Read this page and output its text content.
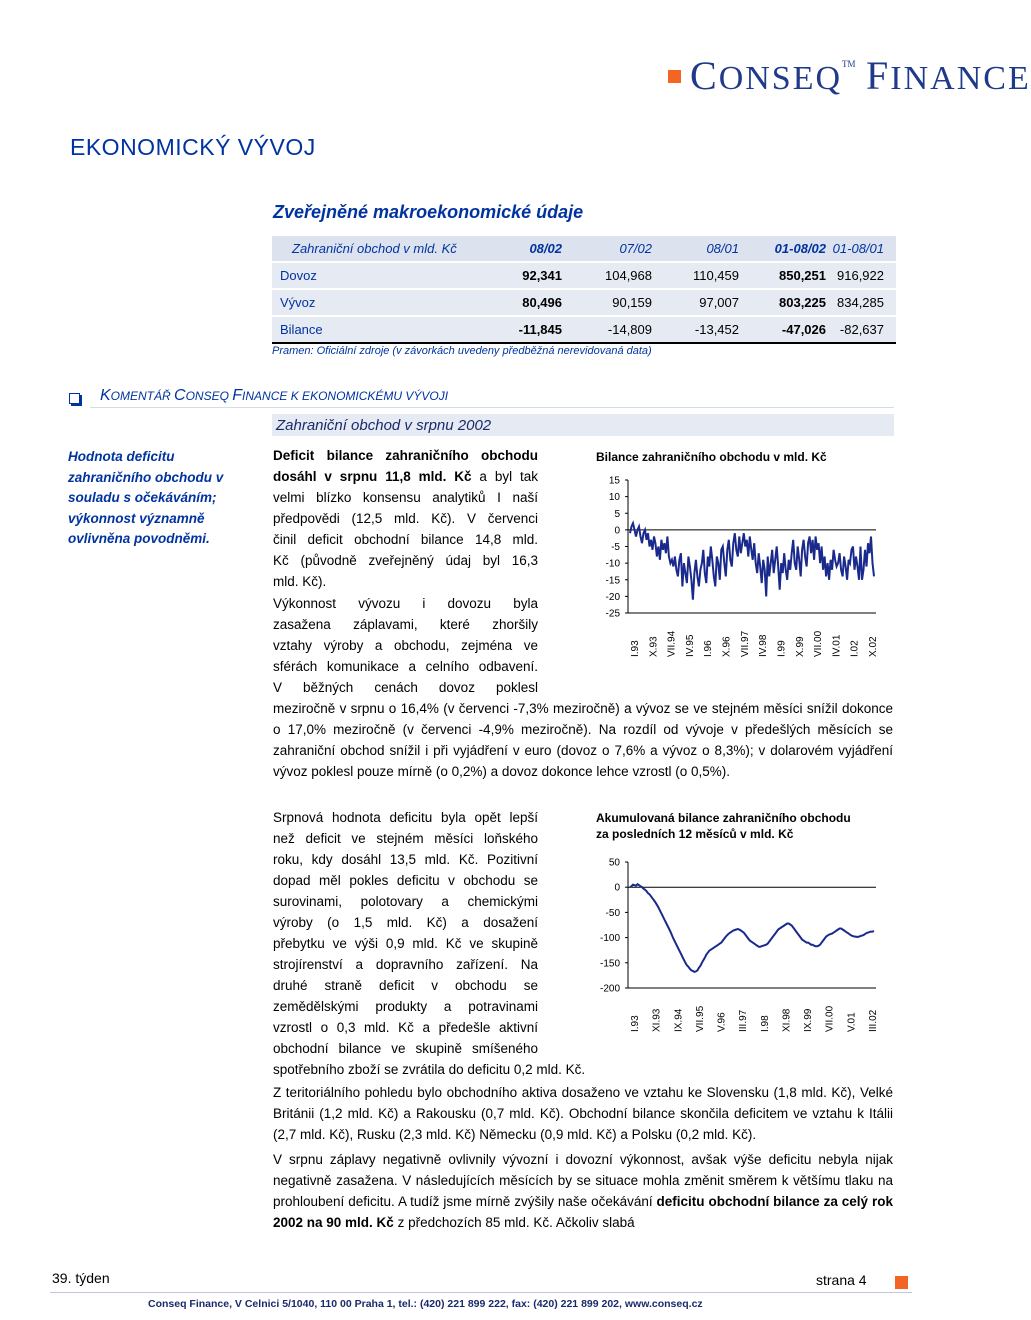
CONSEQ™ FINANCE
EKONOMICKÝ VÝVOJ
Zveřejněné makroekonomické údaje
Zahraniční obchod v mld. Kč	08/02	07/02	08/01	01-08/02	01-08/01
Dovoz	92,341	104,968	110,459	850,251	916,922
Vývoz	80,496	90,159	97,007	803,225	834,285
Bilance	-11,845	-14,809	-13,452	-47,026	-82,637
Pramen: Oficiální zdroje (v závorkách uvedeny předběžná nerevidovaná data)
KOMENTÁŘ CONSEQ FINANCE K EKONOMICKÉMU VÝVOJI
Zahraniční obchod v srpnu 2002
Hodnota deficitu zahraničního obchodu v souladu s očekáváním; výkonnost významně ovlivněna povodněmi.
Deficit bilance zahraničního obchodu
dosáhl v srpnu 11,8 mld. Kč a byl tak
velmi blízko konsensu analytiků I naší
předpovědi (12,5 mld. Kč). V červenci
činil deficit obchodní bilance 14,8 mld.
Kč (původně zveřejněný údaj byl 16,3
mld. Kč).
Výkonnost vývozu i dovozu byla
zasažena záplavami, které zhoršily
vztahy výroby a obchodu, zejména ve
sférách komunikace a celního odbavení.
V běžných cenách dovoz poklesl
meziročně v srpnu o 16,4% (v červenci -7,3% meziročně) a vývoz se ve stejném měsíci snížil dokonce o 17,0% meziročně (v červenci -4,9% meziročně). Na rozdíl od vývoje v předešlých měsících se zahraniční obchod snížil i při vyjádření v euro (dovoz o 7,6% a vývoz o 8,3%); v dolarovém vyjádření vývoz poklesl pouze mírně (o 0,2%) a dovoz dokonce lehce vzrostl (o 0,5%).
Bilance zahraničního obchodu v mld. Kč
15
10
5
0
-5
-10
-15
-20
-25
I.93 X.93 VII.94 IV.95 I.96 X.96 VII.97 IV.98 I.99 X.99 VII.00 IV.01 I.02 X.02
Srpnová hodnota deficitu byla opět lepší
než deficit ve stejném měsíci loňského
roku, kdy dosáhl 13,5 mld. Kč. Pozitivní
dopad měl pokles deficitu v obchodu se
surovinami, polotovary a chemickými
výroby (o 1,5 mld. Kč) a dosažení
přebytku ve výši 0,9 mld. Kč ve skupině
strojírenství a dopravního zařízení. Na
druhé straně deficit v obchodu se
zemědělskými produkty a potravinami
vzrostl o 0,3 mld. Kč a předešle aktivní
obchodní bilance ve skupině smíšeného
spotřebního zboží se zvrátila do deficitu 0,2 mld. Kč.
Akumulovaná bilance zahraničního obchodu
za posledních 12 měsíců v mld. Kč
50
0
-50
-100
-150
-200
I.93 XI.93 IX.94 VII.95 V.96 III.97 I.98 XI.98 IX.99 VII.00 V.01 III.02
Z teritoriálního pohledu bylo obchodního aktiva dosaženo ve vztahu ke Slovensku (1,8 mld. Kč), Velké Británii (1,2 mld. Kč) a Rakousku (0,7 mld. Kč). Obchodní bilance skončila deficitem ve vztahu k Itálii (2,7 mld. Kč), Rusku (2,3 mld. Kč) Německu (0,9 mld. Kč) a Polsku (0,2 mld. Kč).
V srpnu záplavy negativně ovlivnily vývozní i dovozní výkonnost, avšak výše deficitu nebyla nijak negativně zasažena. V následujících měsících by se situace mohla změnit směrem k většímu tlaku na prohloubení deficitu. A tudíž jsme mírně zvýšily naše očekávání deficitu obchodní bilance za celý rok 2002 na 90 mld. Kč z předchozích 85 mld. Kč. Ačkoliv slabá
39. týden	strana 4
Conseq Finance, V Celnici 5/1040, 110 00 Praha 1, tel.: (420) 221 899 222, fax: (420) 221 899 202, www.conseq.cz
